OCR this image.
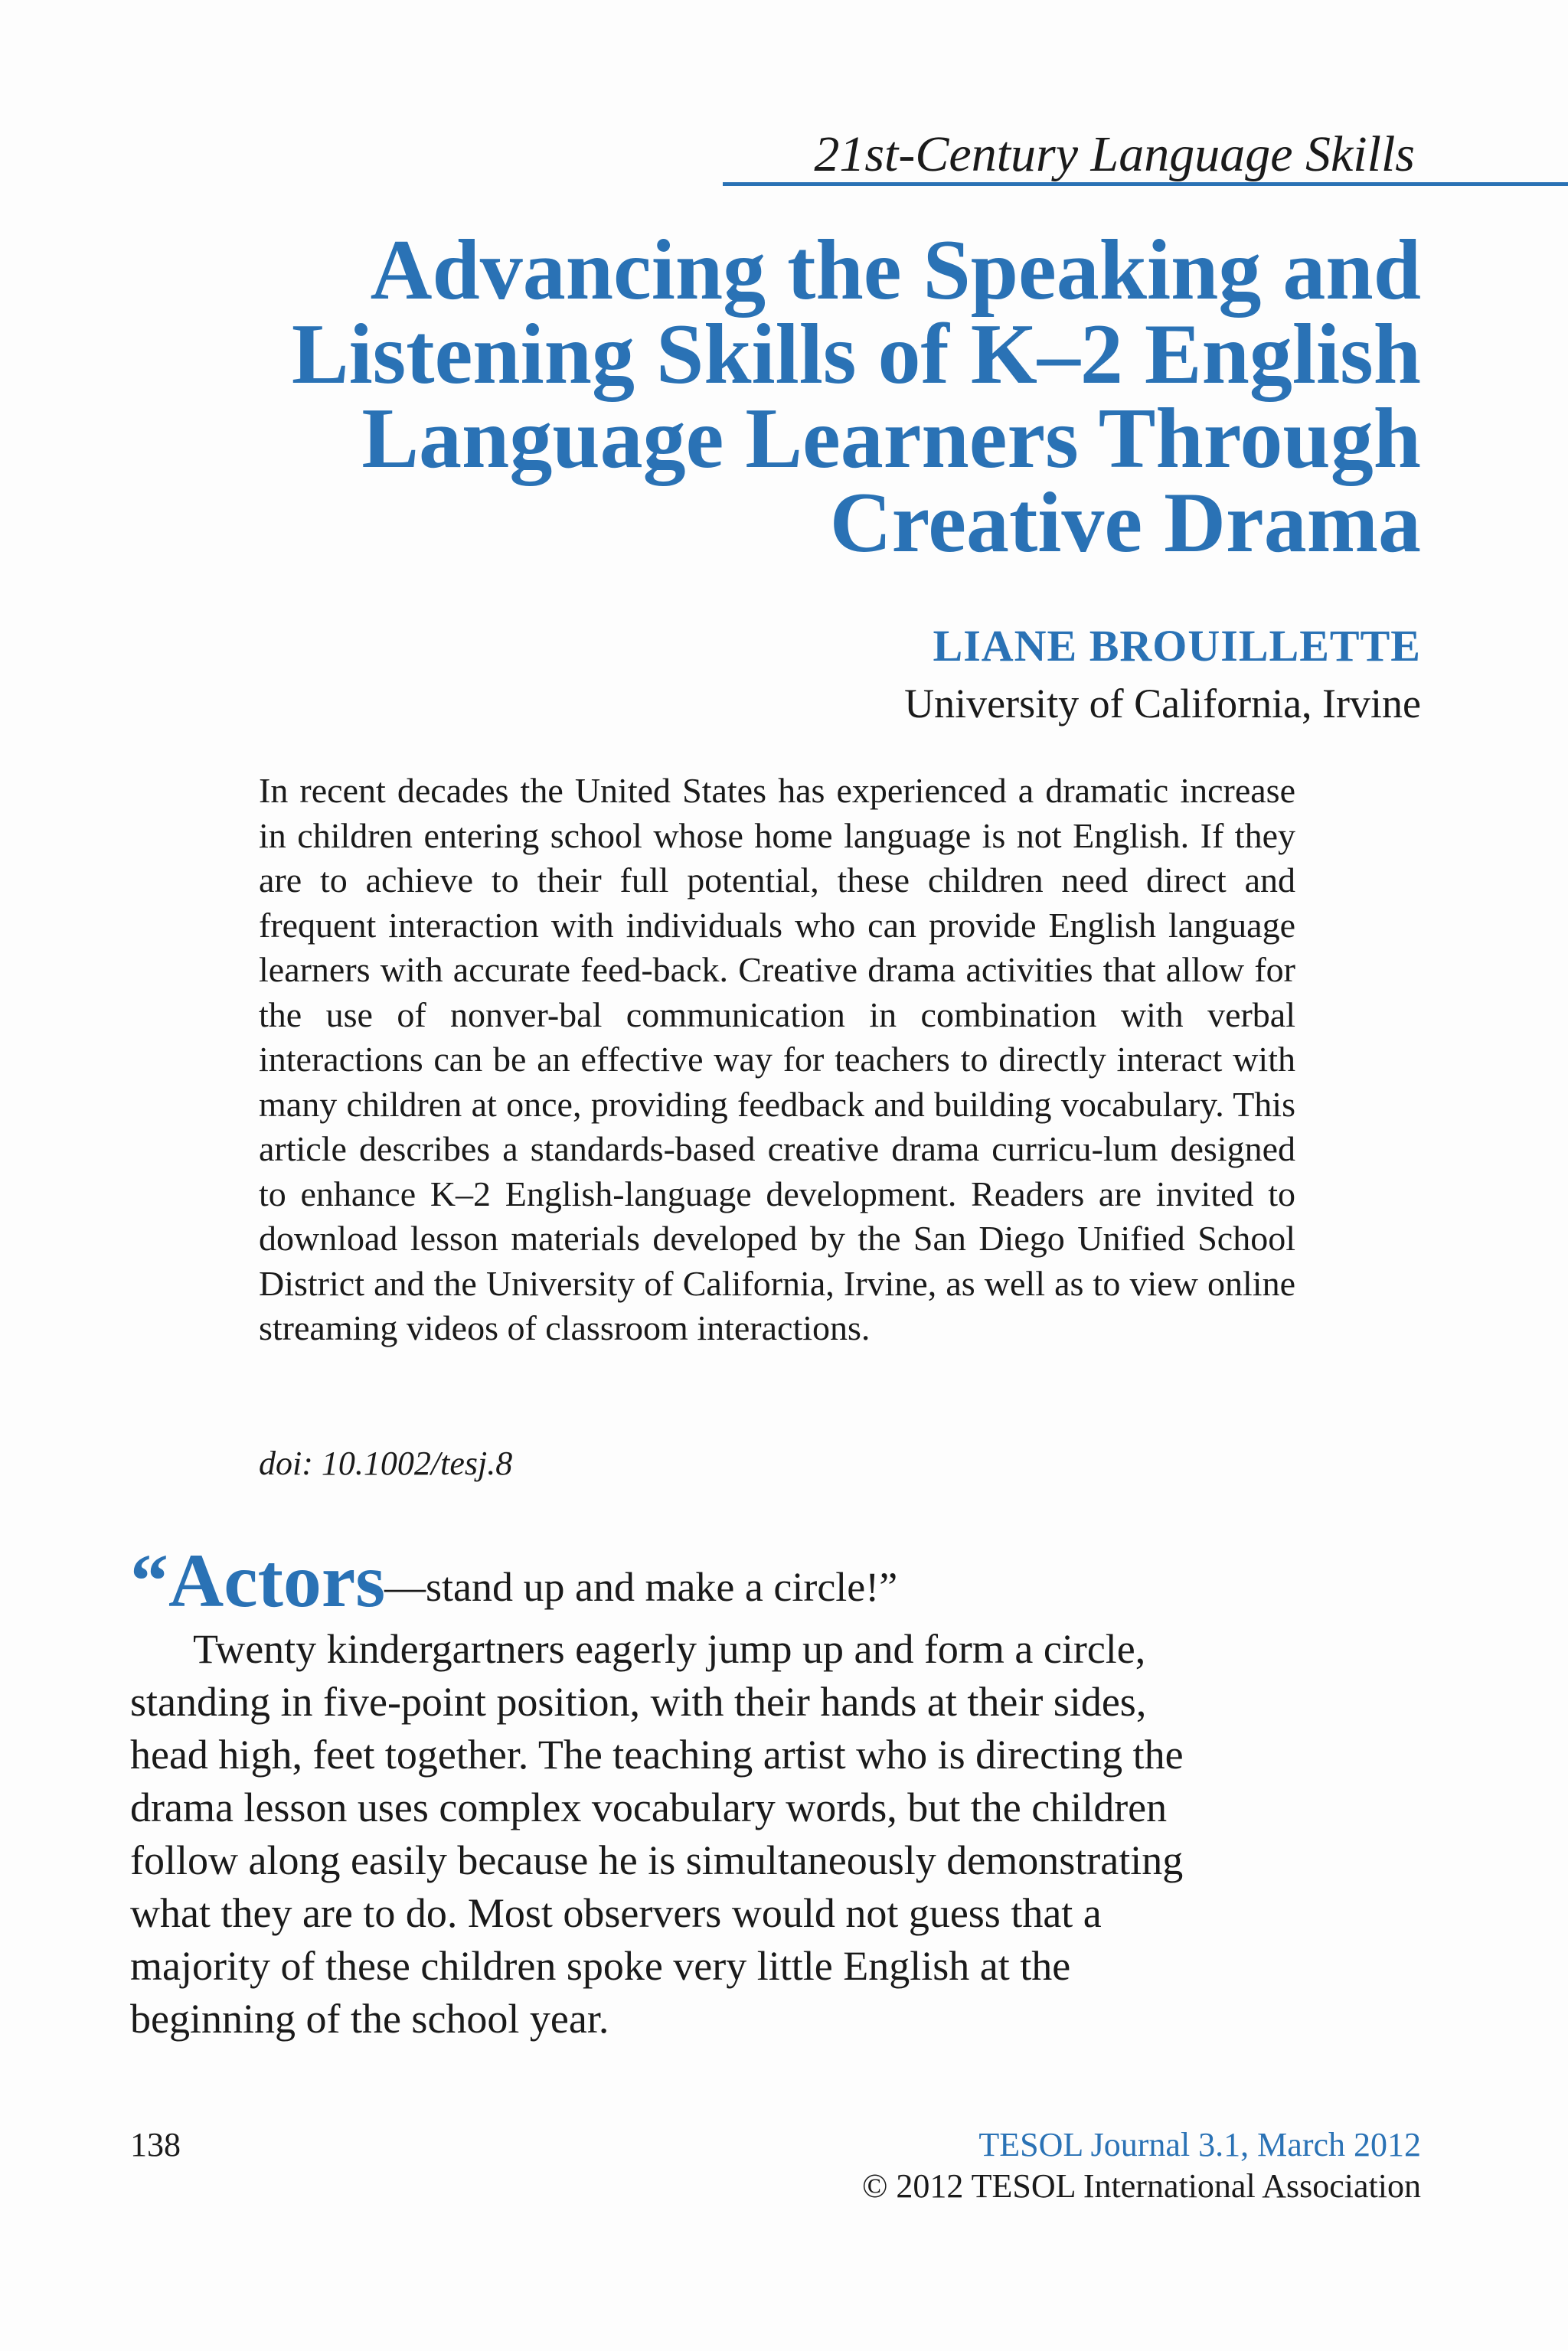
21st-Century Language Skills
Advancing the Speaking and
Listening Skills of K–2 English
Language Learners Through
Creative Drama
LIANE BROUILLETTE
University of California, Irvine

In recent decades the United States has experienced a dramatic increase in children entering school whose home language is not English. If they are to achieve to their full potential, these children need direct and frequent interaction with individuals who can provide English language learners with accurate feed-back. Creative drama activities that allow for the use of nonver-bal communication in combination with verbal interactions can be an effective way for teachers to directly interact with many children at once, providing feedback and building vocabulary. This article describes a standards-based creative drama curricu-lum designed to enhance K–2 English-language development. Readers are invited to download lesson materials developed by the San Diego Unified School District and the University of California, Irvine, as well as to view online streaming videos of classroom interactions.

doi: 10.1002/tesj.8
“Actors
—stand up and make a circle!”
Twenty kindergartners eagerly jump up and form a circle,
standing in five-point position, with their hands at their sides,
head high, feet together. The teaching artist who is directing the
drama lesson uses complex vocabulary words, but the children
follow along easily because he is simultaneously demonstrating
what they are to do. Most observers would not guess that a
majority of these children spoke very little English at the
beginning of the school year.
138	TESOL Journal 3.1, March 2012
© 2012 TESOL International Association
